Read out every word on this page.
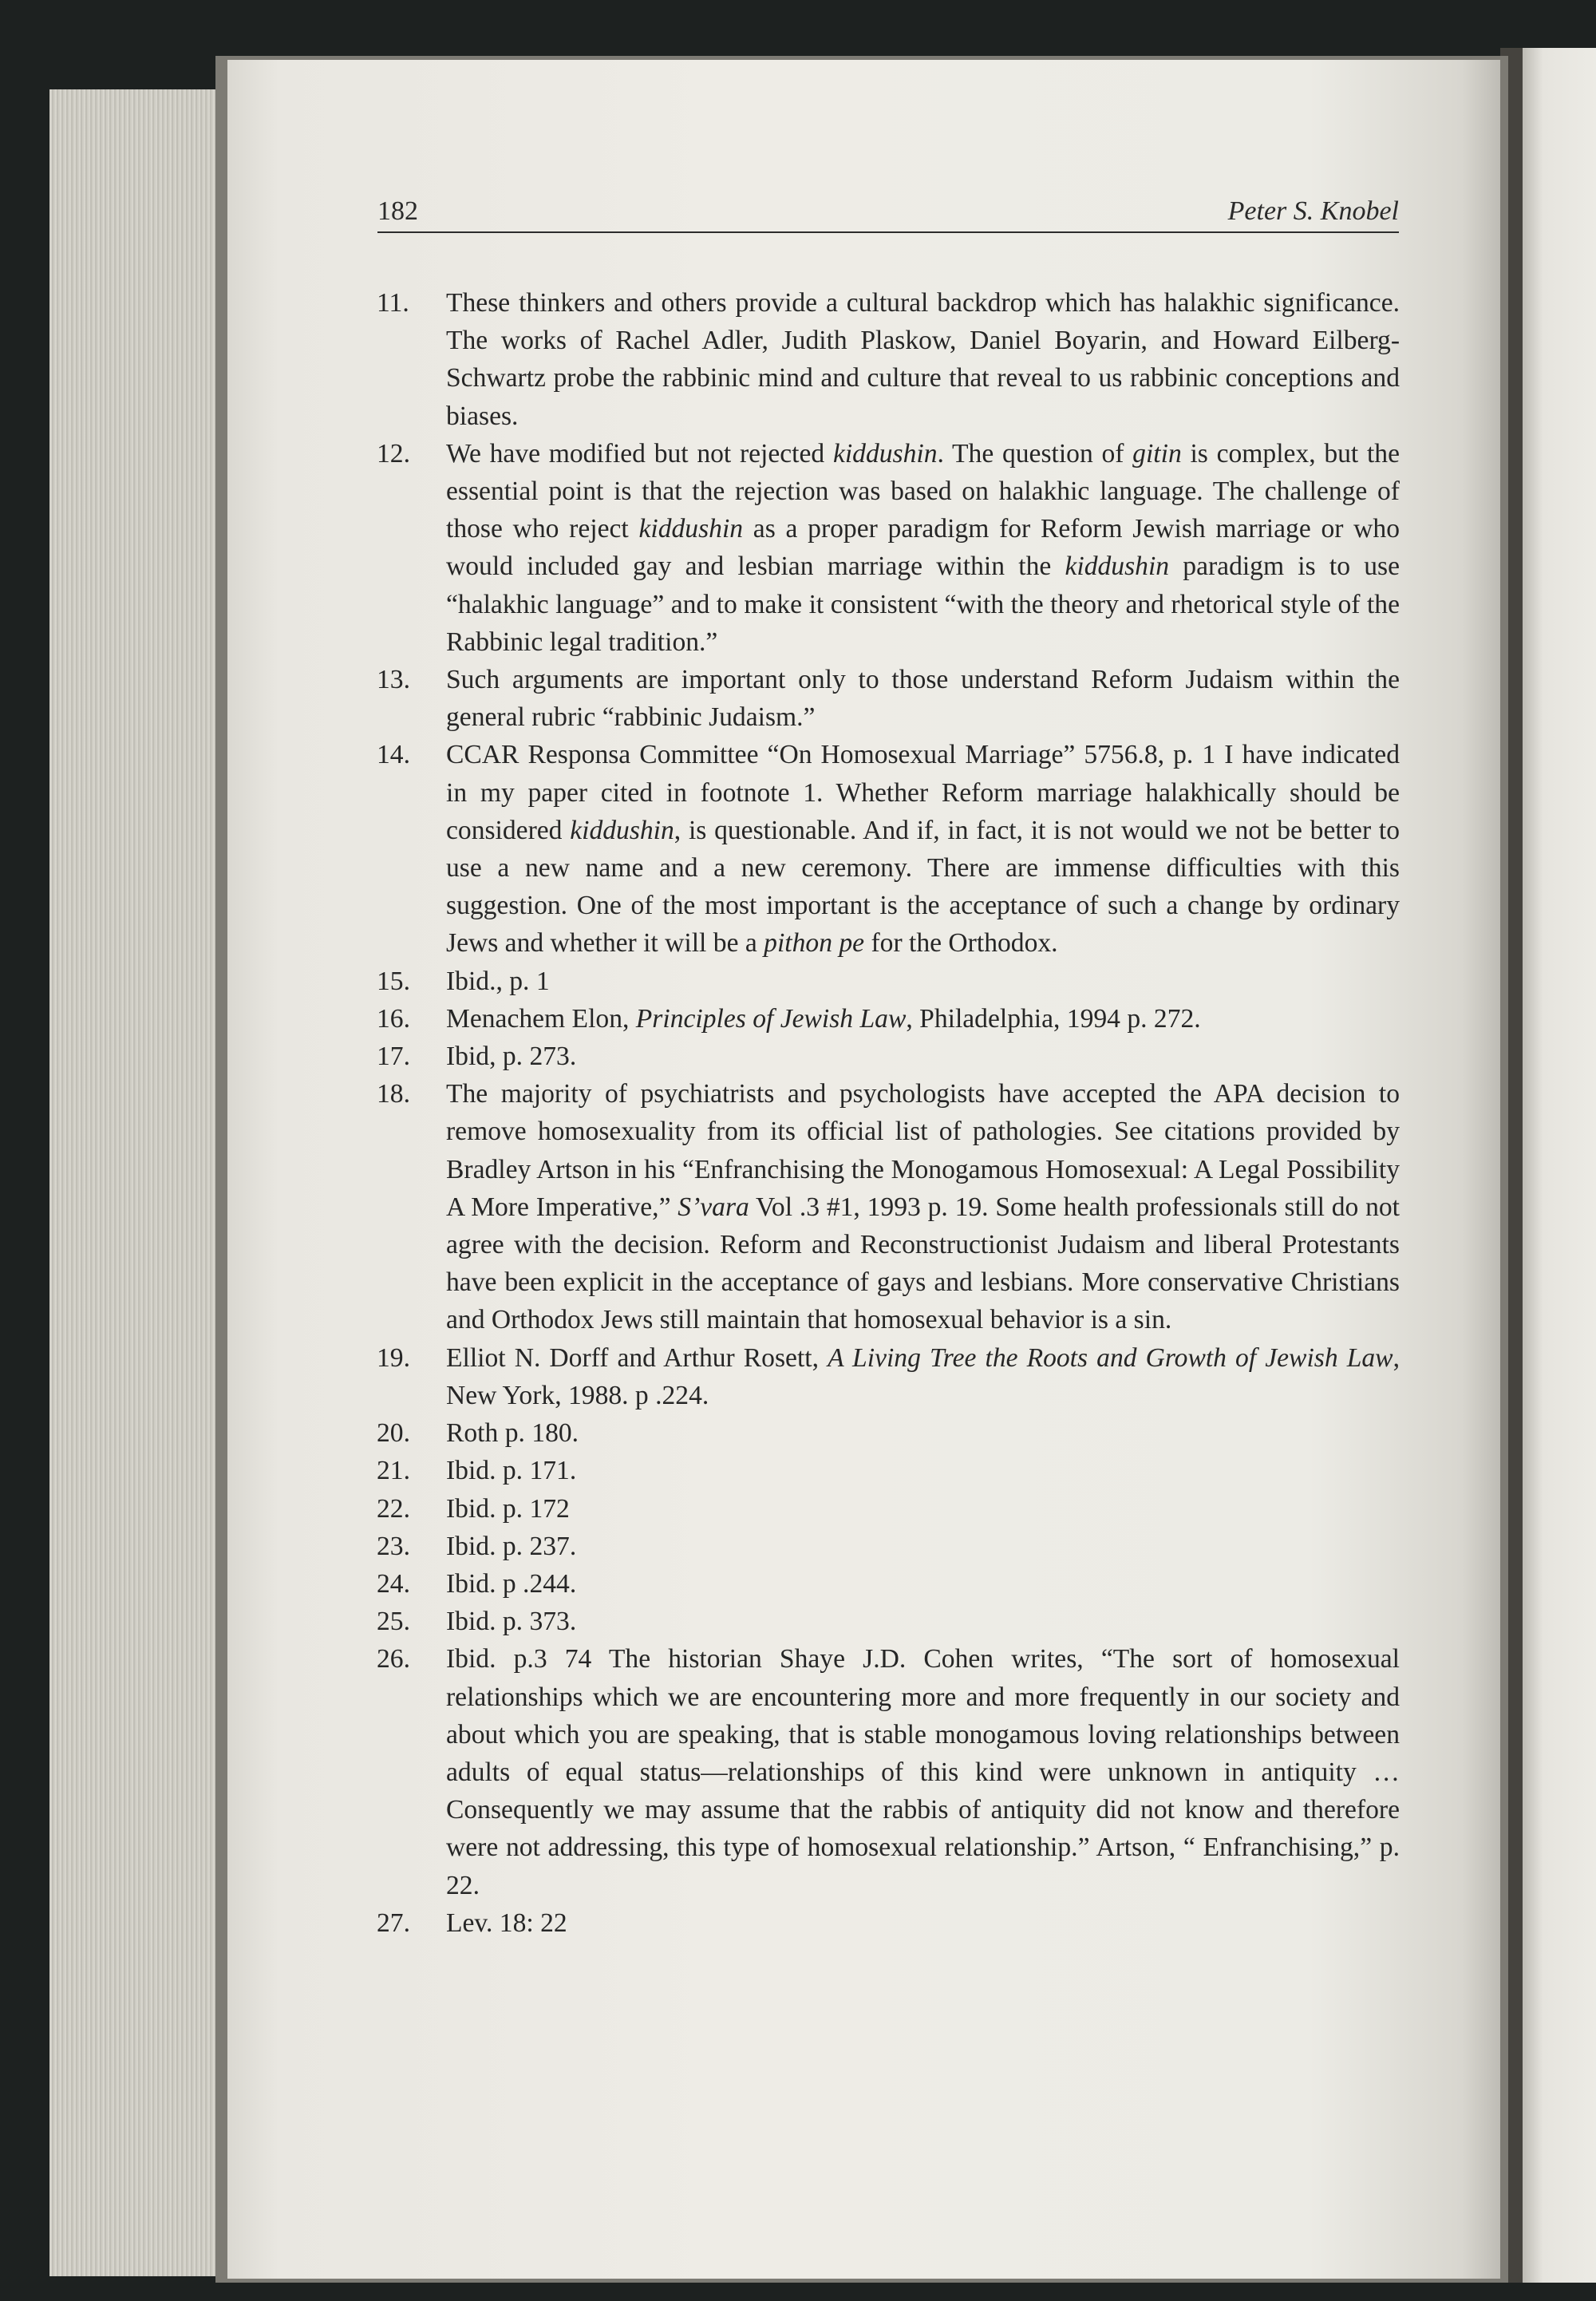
182	Peter S. Knobel
11. These thinkers and others provide a cultural backdrop which has halakhic significance. The works of Rachel Adler, Judith Plaskow, Daniel Boyarin, and Howard Eilberg-Schwartz probe the rabbinic mind and culture that reveal to us rabbinic conceptions and biases.
12. We have modified but not rejected kiddushin. The question of gitin is complex, but the essential point is that the rejection was based on halakhic language. The challenge of those who reject kiddushin as a proper paradigm for Reform Jewish marriage or who would included gay and lesbian marriage within the kiddushin paradigm is to use “halakhic language” and to make it consistent “with the theory and rhetorical style of the Rabbinic legal tradition.”
13. Such arguments are important only to those understand Reform Judaism within the general rubric “rabbinic Judaism.”
14. CCAR Responsa Committee “On Homosexual Marriage” 5756.8, p. 1 I have indicated in my paper cited in footnote 1. Whether Reform marriage halakhically should be considered kiddushin, is questionable. And if, in fact, it is not would we not be better to use a new name and a new ceremony. There are immense difficulties with this suggestion. One of the most important is the acceptance of such a change by ordinary Jews and whether it will be a pithon pe for the Orthodox.
15. Ibid., p. 1
16. Menachem Elon, Principles of Jewish Law, Philadelphia, 1994 p. 272.
17. Ibid, p. 273.
18. The majority of psychiatrists and psychologists have accepted the APA decision to remove homosexuality from its official list of pathologies. See citations provided by Bradley Artson in his “Enfranchising the Monogamous Homosexual: A Legal Possibility A More Imperative,” S’vara Vol .3 #1, 1993 p. 19. Some health professionals still do not agree with the decision. Reform and Reconstructionist Judaism and liberal Protestants have been explicit in the acceptance of gays and lesbians. More conservative Christians and Orthodox Jews still maintain that homosexual behavior is a sin.
19. Elliot N. Dorff and Arthur Rosett, A Living Tree the Roots and Growth of Jewish Law, New York, 1988. p .224.
20. Roth p. 180.
21. Ibid. p. 171.
22. Ibid. p. 172
23. Ibid. p. 237.
24. Ibid. p .244.
25. Ibid. p. 373.
26. Ibid. p.3 74 The historian Shaye J.D. Cohen writes, “The sort of homosexual relationships which we are encountering more and more frequently in our society and about which you are speaking, that is stable monogamous loving relationships between adults of equal status—relationships of this kind were unknown in antiquity … Consequently we may assume that the rabbis of antiquity did not know and therefore were not addressing, this type of homosexual relationship.” Artson, “ Enfranchising,” p. 22.
27. Lev. 18: 22
